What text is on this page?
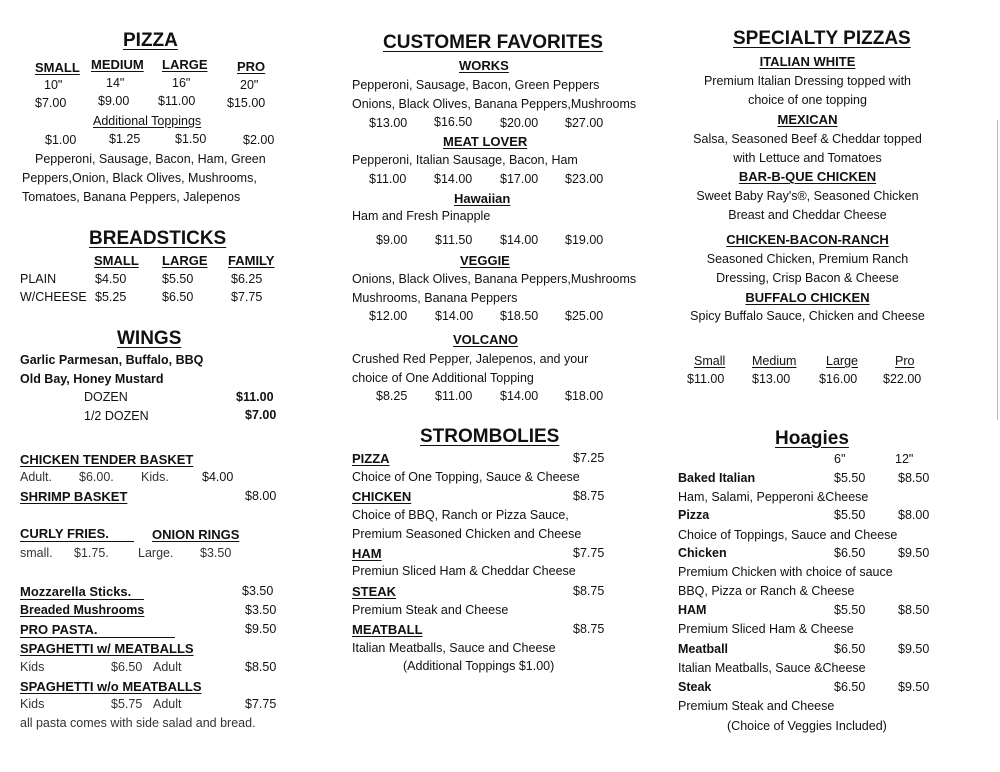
PIZZA
SMALL MEDIUM LARGE PRO
10"	14"	16"	20"
$7.00	$9.00 $11.00	$15.00
Additional Toppings
$1.00	$1.25	$1.50	$2.00
Pepperoni, Sausage, Bacon, Ham, Green
Peppers,Onion, Black Olives, Mushrooms,
Tomatoes, Banana Peppers, Jalepenos
BREADSTICKS
SMALL LARGE FAMILY
PLAIN	$4.50	$5.50	$6.25
W/CHEESE $5.25	$6.50	$7.75
WINGS
Garlic Parmesan, Buffalo, BBQ
Old Bay, Honey Mustard
DOZEN	$11.00
1/2 DOZEN	$7.00
CHICKEN TENDER BASKET
Adult. $6.00. Kids.	$4.00
SHRIMP BASKET	$8.00
CURLY FRIES.	ONION RINGS
small. $1.75. Large. $3.50
Mozzarella Sticks.	$3.50
Breaded Mushrooms	$3.50
PRO PASTA.	$9.50
SPAGHETTI w/ MEATBALLS
Kids	$6.50 Adult	$8.50
SPAGHETTI w/o MEATBALLS
Kids	$5.75 Adult	$7.75
all pasta comes with side salad and bread.
CUSTOMER FAVORITES
WORKS
Pepperoni, Sausage, Bacon, Green Peppers
Onions, Black Olives, Banana Peppers,Mushrooms
$13.00 $16.50 $20.00 $27.00
MEAT LOVER
Pepperoni, Italian Sausage, Bacon, Ham
$11.00 $14.00 $17.00 $23.00
Hawaiian
Ham and Fresh Pinapple
$9.00 $11.50 $14.00 $19.00
VEGGIE
Onions, Black Olives, Banana Peppers,Mushrooms
Mushrooms, Banana Peppers
$12.00 $14.00 $18.50 $25.00
VOLCANO
Crushed Red Pepper, Jalepenos, and your
choice of One Additional Topping
$8.25 $11.00 $14.00 $18.00
STROMBOLIES
PIZZA	$7.25
Choice of One Topping, Sauce & Cheese
CHICKEN	$8.75
Choice of BBQ, Ranch or Pizza Sauce,
Premium Seasoned Chicken and Cheese
HAM	$7.75
Premiun Sliced Ham & Cheddar Cheese
STEAK	$8.75
Premium Steak and Cheese
MEATBALL	$8.75
Italian Meatballs, Sauce and Cheese
(Additional Toppings $1.00)
SPECIALTY PIZZAS
ITALIAN WHITE
Premium Italian Dressing topped with
choice of one topping
MEXICAN
Salsa, Seasoned Beef & Cheddar topped
with Lettuce and Tomatoes
BAR-B-QUE CHICKEN
Sweet Baby Ray's®, Seasoned Chicken
Breast and Cheddar Cheese
CHICKEN-BACON-RANCH
Seasoned Chicken, Premium Ranch
Dressing, Crisp Bacon & Cheese
BUFFALO CHICKEN
Spicy Buffalo Sauce, Chicken and Cheese
Small Medium Large	Pro
$11.00 $13.00 $16.00 $22.00
Hoagies
6"	12"
Baked Italian	$5.50	$8.50
Ham, Salami, Pepperoni &Cheese
Pizza	$5.50	$8.00
Choice of Toppings, Sauce and Cheese
Chicken	$6.50	$9.50
Premium Chicken with choice of sauce
BBQ, Pizza or Ranch & Cheese
HAM	$5.50	$8.50
Premium Sliced Ham & Cheese
Meatball	$6.50	$9.50
Italian Meatballs, Sauce &Cheese
Steak	$6.50	$9.50
Premium Steak and Cheese
(Choice of Veggies Included)
